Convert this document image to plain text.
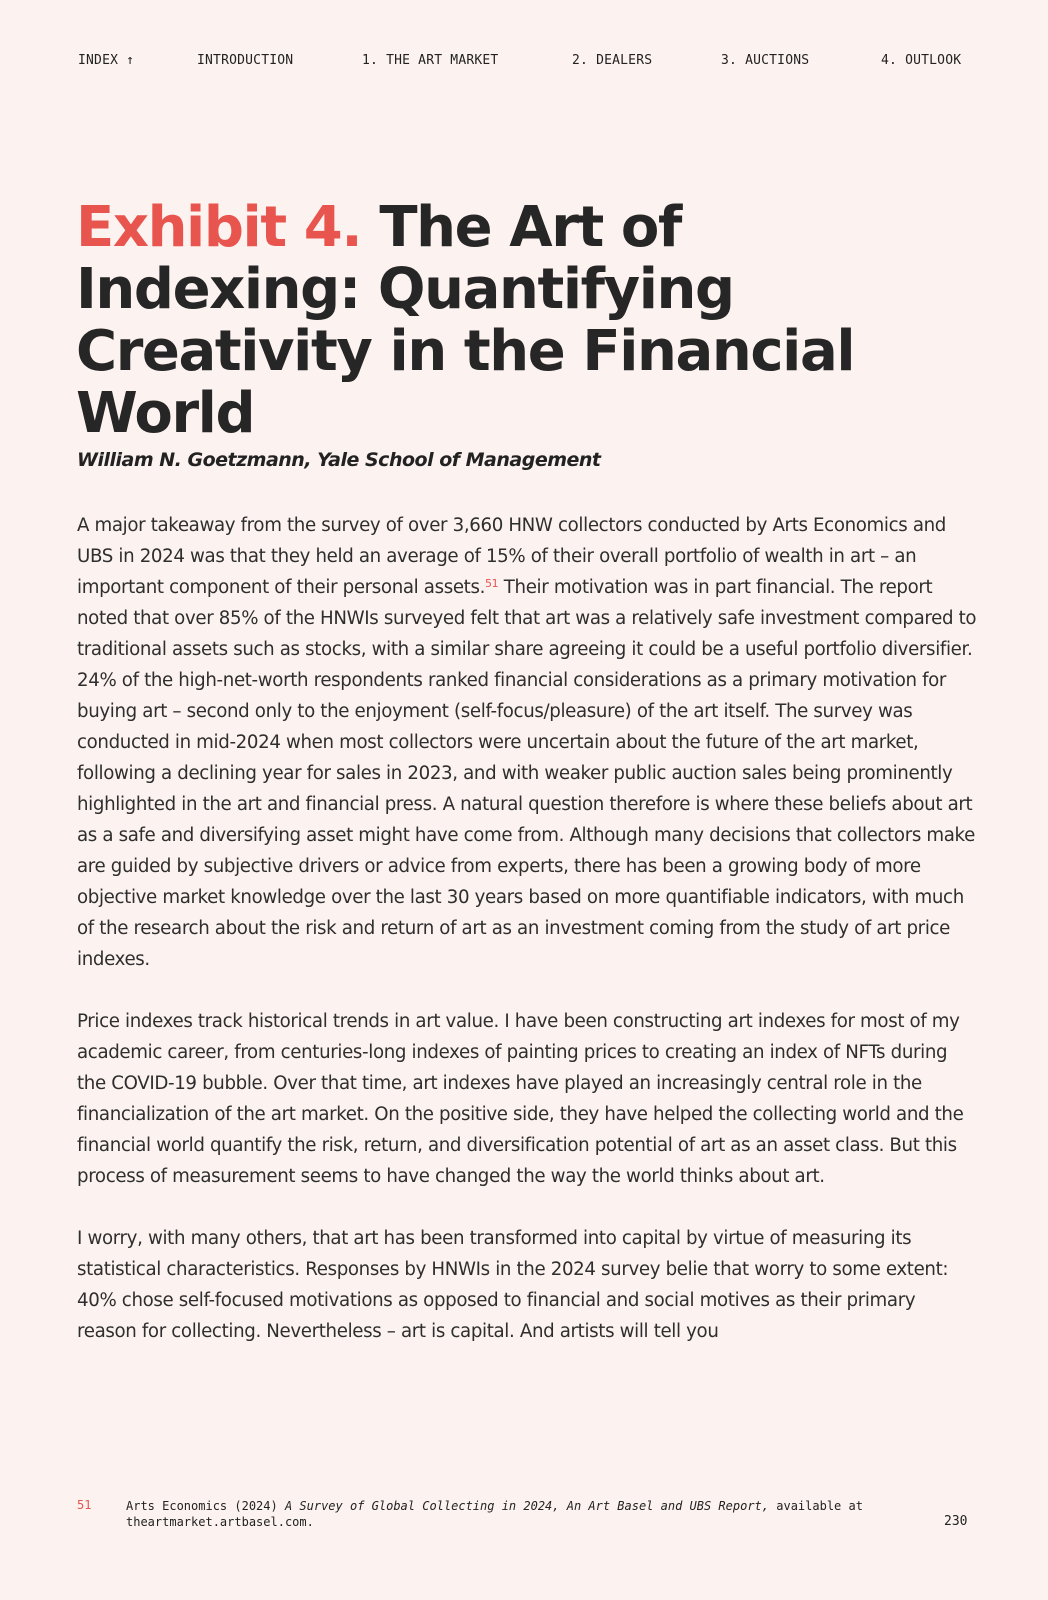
INDEX ↑	INTRODUCTION	1. THE ART MARKET	2. DEALERS	3. AUCTIONS	4. OUTLOOK
Exhibit 4. The Art of Indexing: Quantifying Creativity in the Financial World

William N. Goetzmann, Yale School of Management

A major takeaway from the survey of over 3,660 HNW collectors conducted by Arts Economics and UBS in 2024 was that they held an average of 15% of their overall portfolio of wealth in art – an important component of their personal assets.$^{51}$ Their motivation was in part financial. The report noted that over 85% of the HNWIs surveyed felt that art was a relatively safe investment compared to traditional assets such as stocks, with a similar share agreeing it could be a useful portfolio diversifier. 24% of the high-net-worth respondents ranked financial considerations as a primary motivation for buying art – second only to the enjoyment (self-focus/pleasure) of the art itself. The survey was conducted in mid-2024 when most collectors were uncertain about the future of the art market, following a declining year for sales in 2023, and with weaker public auction sales being prominently highlighted in the art and financial press. A natural question therefore is where these beliefs about art as a safe and diversifying asset might have come from. Although many decisions that collectors make are guided by subjective drivers or advice from experts, there has been a growing body of more objective market knowledge over the last 30 years based on more quantifiable indicators, with much of the research about the risk and return of art as an investment coming from the study of art price indexes.

Price indexes track historical trends in art value. I have been constructing art indexes for most of my academic career, from centuries-long indexes of painting prices to creating an index of NFTs during the COVID-19 bubble. Over that time, art indexes have played an increasingly central role in the financialization of the art market. On the positive side, they have helped the collecting world and the financial world quantify the risk, return, and diversification potential of art as an asset class. But this process of measurement seems to have changed the way the world thinks about art.

I worry, with many others, that art has been transformed into capital by virtue of measuring its statistical characteristics. Responses by HNWIs in the 2024 survey belie that worry to some extent: 40% chose self-focused motivations as opposed to financial and social motives as their primary reason for collecting. Nevertheless – art is capital. And artists will tell you

51	Arts Economics (2024) A Survey of Global Collecting in 2024, An Art Basel and UBS Report, available at theartmarket.artbasel.com.	230
